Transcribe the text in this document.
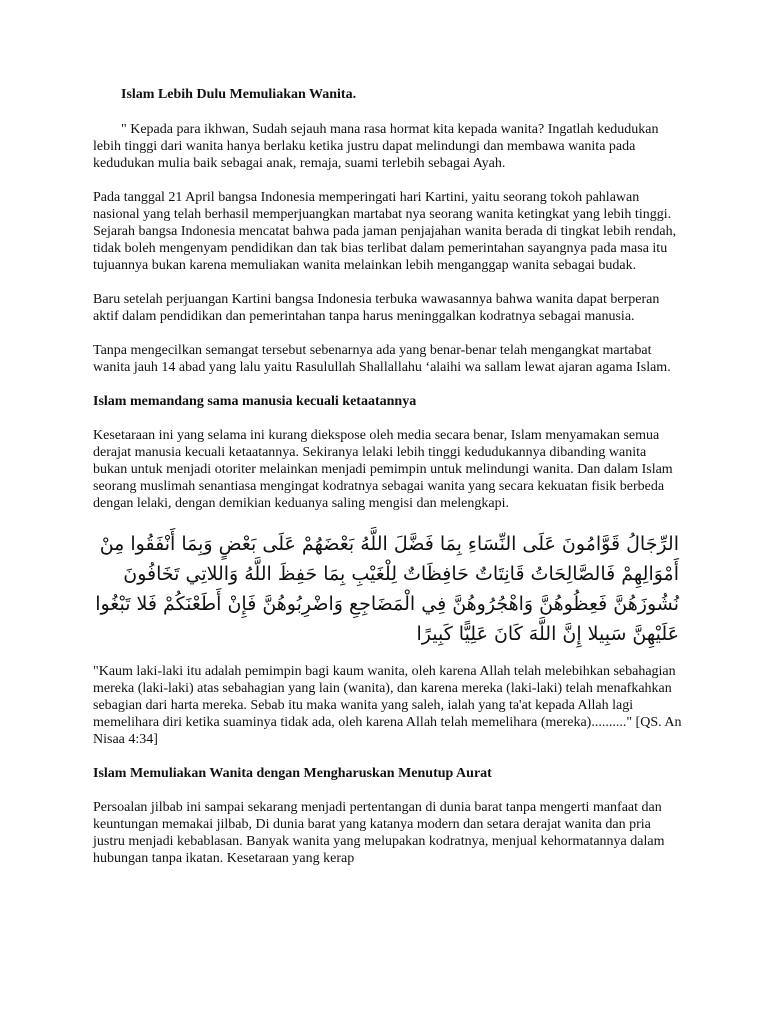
Islam Lebih Dulu Memuliakan Wanita.

" Kepada para ikhwan, Sudah sejauh mana rasa hormat kita kepada wanita? Ingatlah kedudukan lebih tinggi dari wanita hanya berlaku ketika justru dapat melindungi dan membawa wanita pada kedudukan mulia baik sebagai anak, remaja, suami terlebih sebagai Ayah.

Pada tanggal 21 April bangsa Indonesia memperingati hari Kartini, yaitu seorang tokoh pahlawan nasional yang telah berhasil memperjuangkan martabat nya seorang wanita ketingkat yang lebih tinggi. Sejarah bangsa Indonesia mencatat bahwa pada jaman penjajahan wanita berada di tingkat lebih rendah, tidak boleh mengenyam pendidikan dan tak bias terlibat dalam pemerintahan sayangnya pada masa itu tujuannya bukan karena memuliakan wanita melainkan lebih menganggap wanita sebagai budak.

Baru setelah perjuangan Kartini bangsa Indonesia terbuka wawasannya bahwa wanita dapat berperan aktif dalam pendidikan dan pemerintahan tanpa harus meninggalkan kodratnya sebagai manusia.

Tanpa mengecilkan semangat tersebut sebenarnya ada yang benar-benar telah mengangkat martabat wanita jauh 14 abad yang lalu yaitu Rasulullah Shallallahu ‘alaihi wa sallam lewat ajaran agama Islam.

Islam memandang sama manusia kecuali ketaatannya

Kesetaraan ini yang selama ini kurang diekspose oleh media secara benar, Islam menyamakan semua derajat manusia kecuali ketaatannya. Sekiranya lelaki lebih tinggi kedudukannya dibanding wanita bukan untuk menjadi otoriter melainkan menjadi pemimpin untuk melindungi wanita. Dan dalam Islam seorang muslimah senantiasa mengingat kodratnya sebagai wanita yang secara kekuatan fisik berbeda dengan lelaki, dengan demikian keduanya saling mengisi dan melengkapi.

الرِّجَالُ قَوَّامُونَ عَلَى النِّسَاءِ بِمَا فَضَّلَ اللَّهُ بَعْضَهُمْ عَلَى بَعْضٍ وَبِمَا أَنْفَقُوا مِنْ أَمْوَالِهِمْ فَالصَّالِحَاتُ قَانِتَاتٌ حَافِظَاتٌ لِلْغَيْبِ بِمَا حَفِظَ اللَّهُ وَاللاتِي تَخَافُونَ نُشُوزَهُنَّ فَعِظُوهُنَّ وَاهْجُرُوهُنَّ فِي الْمَضَاجِعِ وَاضْرِبُوهُنَّ فَإِنْ أَطَعْنَكُمْ فَلا تَبْغُوا عَلَيْهِنَّ سَبِيلا إِنَّ اللَّهَ كَانَ عَلِيًّا كَبِيرًا

"Kaum laki-laki itu adalah pemimpin bagi kaum wanita, oleh karena Allah telah melebihkan sebahagian mereka (laki-laki) atas sebahagian yang lain (wanita), dan karena mereka (laki-laki) telah menafkahkan sebagian dari harta mereka. Sebab itu maka wanita yang saleh, ialah yang ta'at kepada Allah lagi memelihara diri ketika suaminya tidak ada, oleh karena Allah telah memelihara (mereka).........." [QS. An Nisaa 4:34]

Islam Memuliakan Wanita dengan Mengharuskan Menutup Aurat

Persoalan jilbab ini sampai sekarang menjadi pertentangan di dunia barat tanpa mengerti manfaat dan keuntungan memakai jilbab, Di dunia barat yang katanya modern dan setara derajat wanita dan pria justru menjadi kebablasan. Banyak wanita yang melupakan kodratnya, menjual kehormatannya dalam hubungan tanpa ikatan. Kesetaraan yang kerap
